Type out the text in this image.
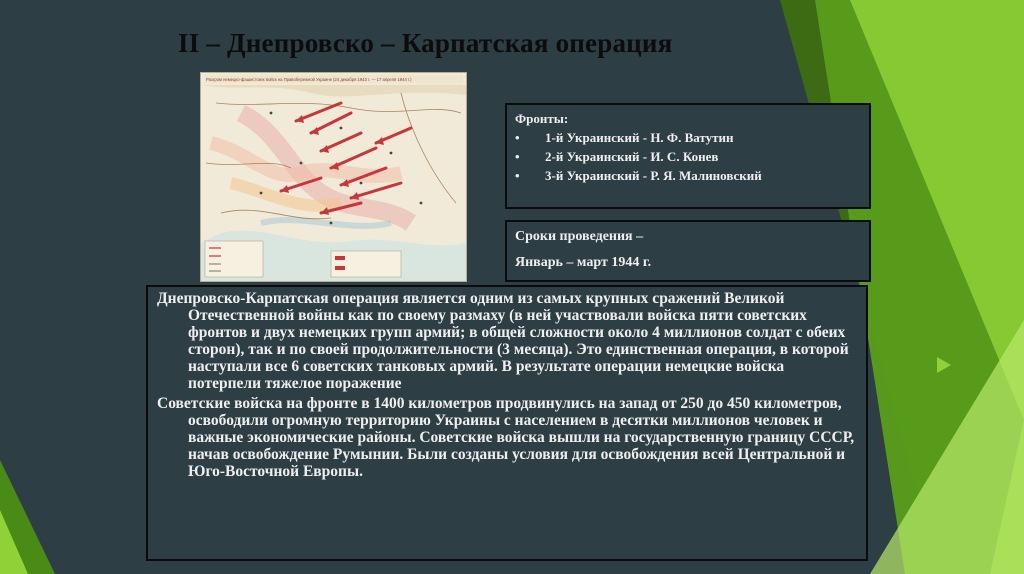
II – Днепровско – Карпатская операция
Разгром немецко-фашистских войск на Правобережной Украине (24 декабря 1943 г. — 17 апреля 1944 г.)
Фронты:
• 1-й Украинский - Н. Ф. Ватутин
• 2-й Украинский - И. С. Конев
• 3-й Украинский - Р. Я. Малиновский

Сроки проведения –

Январь – март 1944 г.

Днепровско-Карпатская операция является одним из самых крупных сражений Великой Отечественной войны как по своему размаху (в ней участвовали войска пяти советских фронтов и двух немецких групп армий; в общей сложности около 4 миллионов солдат с обеих сторон), так и по своей продолжительности (3 месяца). Это единственная операция, в которой наступали все 6 советских танковых армий. В результате операции немецкие войска потерпели тяжелое поражение

Советские войска на фронте в 1400 километров продвинулись на запад от 250 до 450 километров, освободили огромную территорию Украины с населением в десятки миллионов человек и важные экономические районы. Советские войска вышли на государственную границу СССР, начав освобождение Румынии. Были созданы условия для освобождения всей Центральной и Юго-Восточной Европы.
